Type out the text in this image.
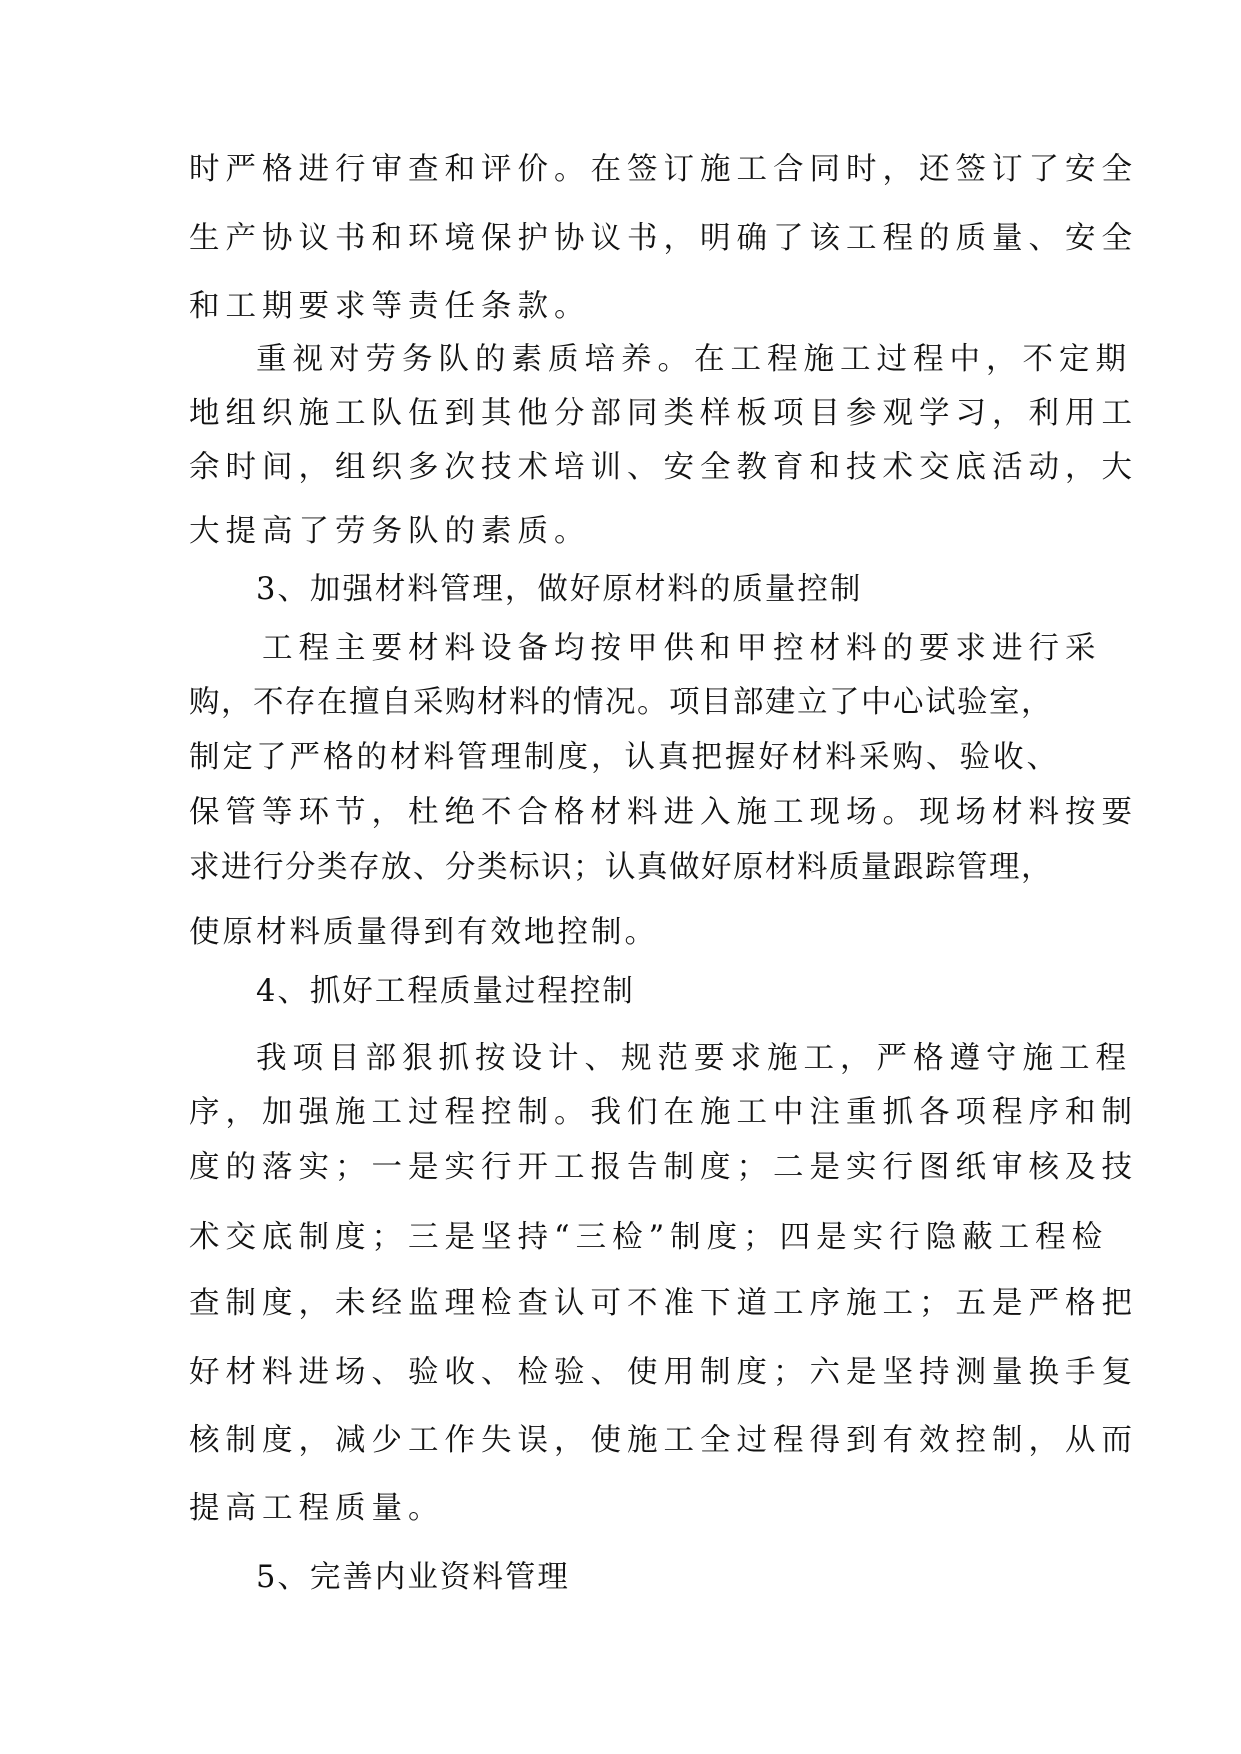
时严格进行审查和评价。在签订施工合同时，还签订了安全
生产协议书和环境保护协议书，明确了该工程的质量、安全
和工期要求等责任条款。
重视对劳务队的素质培养。在工程施工过程中，不定期
地组织施工队伍到其他分部同类样板项目参观学习，利用工
余时间，组织多次技术培训、安全教育和技术交底活动，大
大提高了劳务队的素质。
3、加强材料管理，做好原材料的质量控制
工程主要材料设备均按甲供和甲控材料的要求进行采
购，不存在擅自采购材料的情况。项目部建立了中心试验室，
制定了严格的材料管理制度，认真把握好材料采购、验收、
保管等环节，杜绝不合格材料进入施工现场。现场材料按要
求进行分类存放、分类标识；认真做好原材料质量跟踪管理，
使原材料质量得到有效地控制。
4、抓好工程质量过程控制
我项目部狠抓按设计、规范要求施工，严格遵守施工程
序，加强施工过程控制。我们在施工中注重抓各项程序和制
度的落实；一是实行开工报告制度；二是实行图纸审核及技
术交底制度；三是坚持“三检”制度；四是实行隐蔽工程检
查制度，未经监理检查认可不准下道工序施工；五是严格把
好材料进场、验收、检验、使用制度；六是坚持测量换手复
核制度，减少工作失误，使施工全过程得到有效控制，从而
提高工程质量。
5、完善内业资料管理
